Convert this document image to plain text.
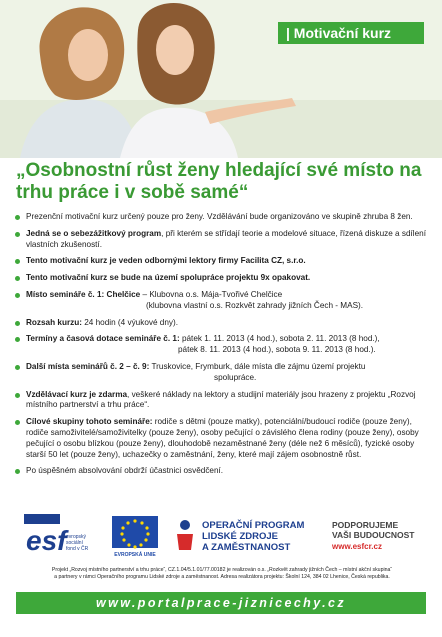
| Motivační kurz
„Osobnostní růst ženy hledající své místo na trhu práce i v sobě samé“
Prezenční motivační kurz určený pouze pro ženy. Vzdělávání bude organizováno ve skupině zhruba 8 žen.
Jedná se o sebezážitkový program, při kterém se střídají teorie a modelové situace, řízená diskuze a sdílení vlastních zkušeností.
Tento motivační kurz je veden odbornými lektory firmy Facilita CZ, s.r.o.
Tento motivační kurz se bude na území spolupráce projektu 9x opakovat.
Místo semináře č. 1: Chelčice – Klubovna o.s. Mája-Tvořivé Chelčice
(klubovna vlastní o.s. Rozkvět zahrady jižních Čech - MAS).
Rozsah kurzu: 24 hodin (4 výukové dny).
Termíny a časová dotace semináře č. 1: pátek 1. 11. 2013 (4 hod.), sobota 2. 11. 2013 (8 hod.),
pátek 8. 11. 2013 (4 hod.), sobota 9. 11. 2013 (8 hod.).
Další místa seminářů č. 2 – č. 9: Truskovice, Frymburk, dále místa dle zájmu území projektu
spolupráce.
Vzdělávací kurz je zdarma, veškeré náklady na lektory a studijní materiály jsou hrazeny z projektu „Rozvoj místního partnerství a trhu práce“.
Cílové skupiny tohoto semináře: rodiče s dětmi (pouze matky), potenciální/budoucí rodiče (pouze ženy), rodiče samoživitelé/samoživitelky (pouze ženy), osoby pečující o závislého člena rodiny (pouze ženy), osoby pečující o osobu blízkou (pouze ženy), dlouhodobě nezaměstnané ženy (déle než 6 měsíců), fyzické osoby starší 50 let (pouze ženy), uchazečky o zaměstnání, ženy, které mají zájem osobnostně růst.
Po úspěšném absolvování obdrží účastnici osvědčení.
esf evropský
sociální
fond v ČR
EVROPSKÁ UNIE
OPERAČNÍ PROGRAM
LIDSKÉ ZDROJE
A ZAMĚSTNANOST
PODPORUJEME
VAŠI BUDOUCNOST
www.esfcr.cz
Projekt „Rozvoj místního partnerství a trhu práce“, CZ.1.04/5.1.01/77.00182 je realizován o.s. „Rozkvět zahrady jižních Čech – místní akční skupina“
a partnery v rámci Operačního programu Lidské zdroje a zaměstnanost. Adresa realizátora projektu: Školní 124, 384 02 Lhenice, Česká republika.
www.portalprace-jiznicechy.cz
